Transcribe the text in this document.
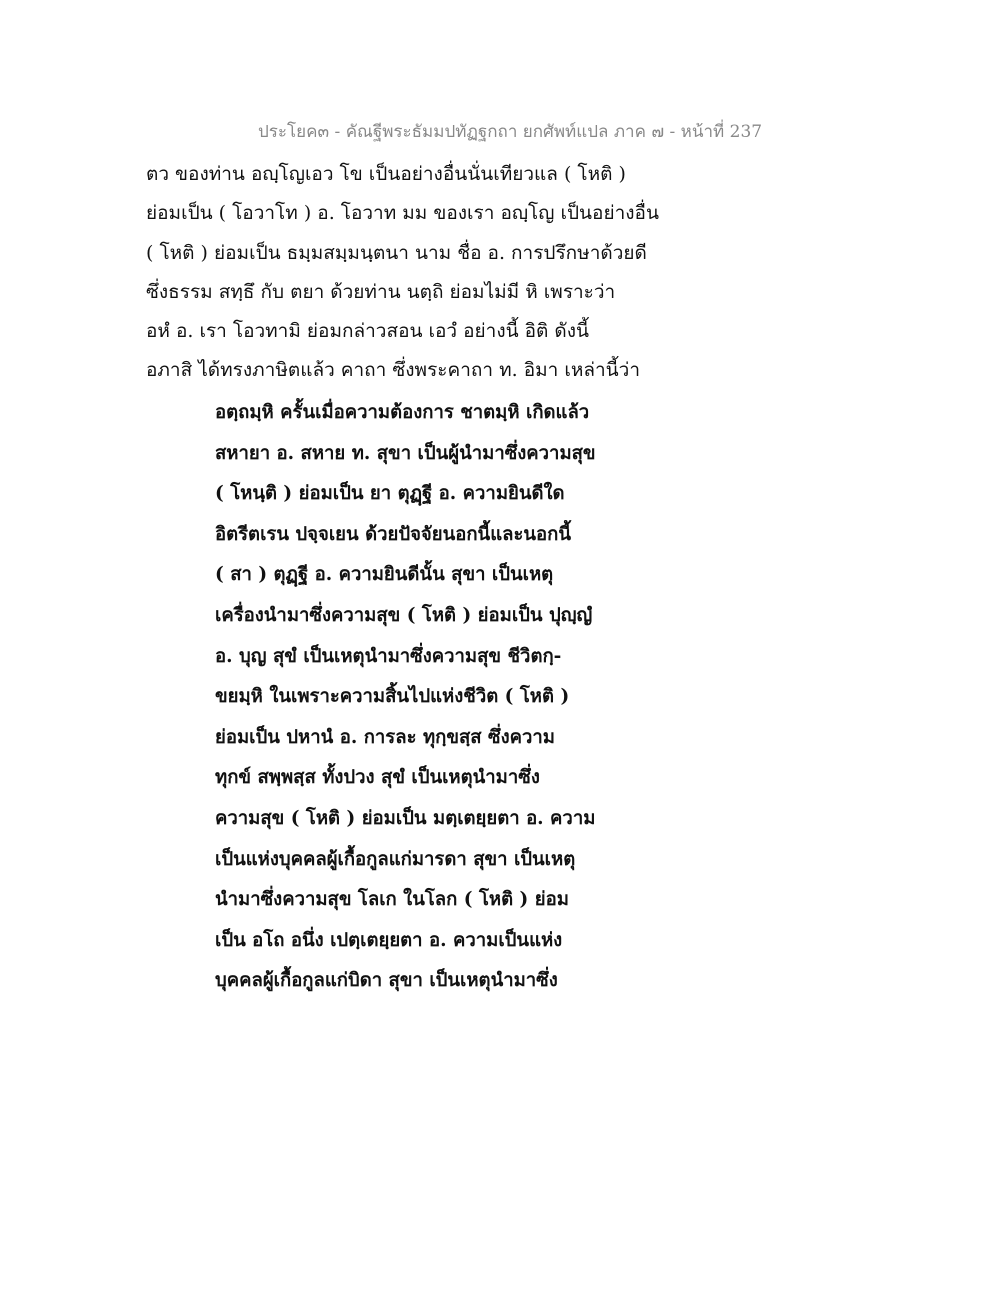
ประโยค๓ - คัณฐีพระธัมมปทัฏฐกถา ยกศัพท์แปล ภาค ๗ - หน้าที่ 237
ตว ของท่าน อญฺโญเอว โข เป็นอย่างอื่นนั่นเทียวแล ( โหติ )
ย่อมเป็น ( โอวาโท ) อ. โอวาท มม ของเรา อญฺโญ เป็นอย่างอื่น
( โหติ ) ย่อมเป็น ธมฺมสมฺมนฺตนา นาม ชื่อ อ. การปรึกษาด้วยดี
ซึ่งธรรม สทฺธึ กับ ตยา ด้วยท่าน นตฺถิ ย่อมไม่มี หิ เพราะว่า
อหํ อ. เรา โอวทามิ ย่อมกล่าวสอน เอวํ อย่างนี้ อิติ ดังนี้
อภาสิ ได้ทรงภาษิตแล้ว คาถา ซึ่งพระคาถา ท. อิมา เหล่านี้ว่า
อตฺถมฺหิ ครั้นเมื่อความต้องการ ชาตมฺหิ เกิดแล้ว
สหายา อ. สหาย ท. สุขา เป็นผู้นำมาซึ่งความสุข
( โหนฺติ ) ย่อมเป็น ยา ตุฏฺฐี อ. ความยินดีใด
อิตรีตเรน ปจฺจเยน ด้วยปัจจัยนอกนี้และนอกนี้
( สา ) ตุฏฺฐี อ. ความยินดีนั้น สุขา เป็นเหตุ
เครื่องนำมาซึ่งความสุข ( โหติ ) ย่อมเป็น ปุญฺญํ
อ. บุญ สุขํ เป็นเหตุนำมาซึ่งความสุข ชีวิตกฺ-
ขยมฺหิ ในเพราะความสิ้นไปแห่งชีวิต ( โหติ )
ย่อมเป็น ปหานํ อ. การละ ทุกฺขสฺส ซึ่งความ
ทุกข์ สพฺพสฺส ทั้งปวง สุขํ เป็นเหตุนำมาซึ่ง
ความสุข ( โหติ ) ย่อมเป็น มตฺเตยฺยตา อ. ความ
เป็นแห่งบุคคลผู้เกื้อกูลแก่มารดา สุขา เป็นเหตุ
นำมาซึ่งความสุข โลเก ในโลก ( โหติ ) ย่อม
เป็น อโถ อนึ่ง เปตฺเตยฺยตา อ. ความเป็นแห่ง
บุคคลผู้เกื้อกูลแก่บิดา สุขา เป็นเหตุนำมาซึ่ง
